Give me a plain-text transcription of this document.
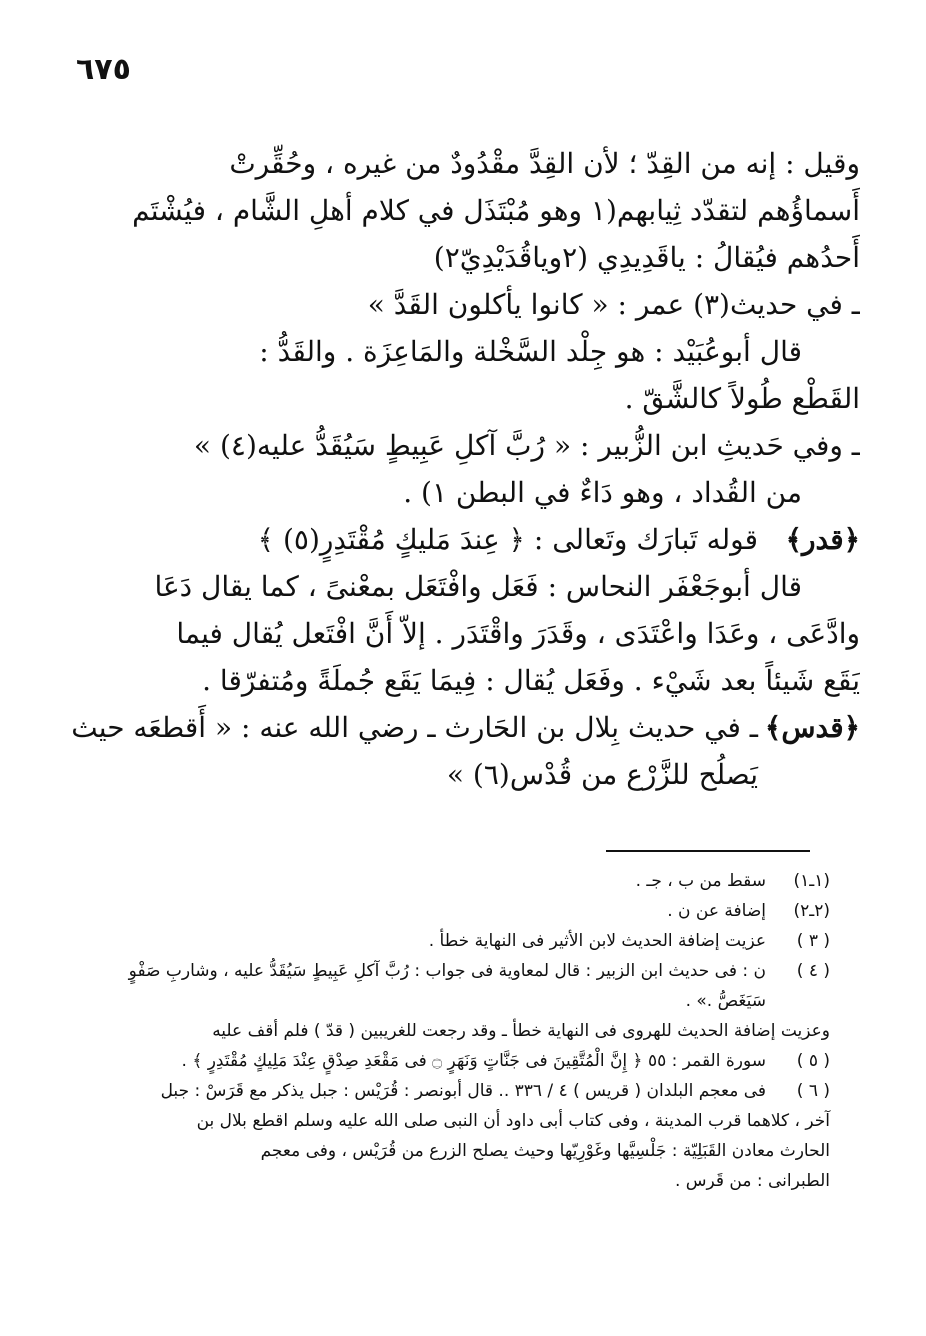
٦٧٥
وقيل : إنه من القِدّ ؛ لأن القِدَّ مقْدُودٌ من غيره ، وحُقِّرتْ
أَسماؤُهم لتقدّد ثِيابهم(١ وهو مُبْتَذَل في كلام أهلِ الشَّام ، فيُشْتَم
أَحدُهم فيُقالُ : ياقَدِيدِي (٢وياقُدَيْدِيّ٢)
ـ في حديث(٣) عمر : « كانوا يأكلون القَدَّ »
قال أبوعُبَيْد : هو جِلْد السَّخْلة والمَاعِزَة . والقَدُّ :
القَطْع طُولاً كالشَّقّ .
ـ وفي حَديثِ ابن الزُّبير : « رُبَّ آكلِ عَبِيطٍ سَيُقَدُّ عليه(٤) »
من القُداد ، وهو دَاءٌ في البطن ١) .
﴿قدر﴾
قوله تَبارَك وتَعالى : ﴿ عِندَ مَليكٍ مُقْتَدِرٍ(٥) ﴾
قال أبوجَعْفَر النحاس : فَعَل وافْتَعَل بمعْنىً ، كما يقال دَعَا
وادَّعَى ، وعَدَا واعْتَدَى ، وقَدَرَ واقْتَدَر . إلاّ أَنَّ افْتَعل يُقال فيما
يَقَع شَيئاً بعد شَيْء . وفَعَل يُقال : فِيمَا يَقَع جُملَةً ومُتفرّقا .
﴿قدس﴾
ـ في حديث بِلال بن الحَارث ـ رضي الله عنه : « أَقطعَه حيث
يَصلُح للزَّرْع من قُدْس(٦) »
(١ـ١)
سقط من ب ، جـ .
(٢ـ٢)
إضافة عن ن .
( ٣ )
عزيت إضافة الحديث لابن الأثير فى النهاية خطأ .
( ٤ )
ن : فى حديث ابن الزبير : قال لمعاوية فى جواب : رُبَّ آكلِ عَبِيطٍ سَيُقَدُّ عليه ، وشاربِ صَفْوٍ
سَيَغَصُّ .» .
وعزيت إضافة الحديث للهروى فى النهاية خطأ ـ وقد رجعت للغريبين ( قدّ ) فلم أقف عليه
( ٥ )
سورة القمر : ٥٥ ﴿ إِنَّ الْمُتَّقِينَ فى جَنَّاتٍ وَنَهَرٍ ۝ فى مَقْعَدِ صِدْقٍ عِنْدَ مَلِيكٍ مُقْتَدِرٍ ﴾ .
( ٦ )
فى معجم البلدان ( قريس ) ٤ / ٣٣٦ .. قال أبونصر : قُرَيْس : جبل يذكر مع قَرَسْ : جبل
آخر ، كلاهما قرب المدينة ، وفى كتاب أبى داود أن النبى صلى الله عليه وسلم اقطع بلال بن
الحارث معادن القَبَلِيّة : جَلْسِيَّها وغَوْرِيّها وحيث يصلح الزرع من قُرَيْس ، وفى معجم
الطبرانى : من قَرس .
